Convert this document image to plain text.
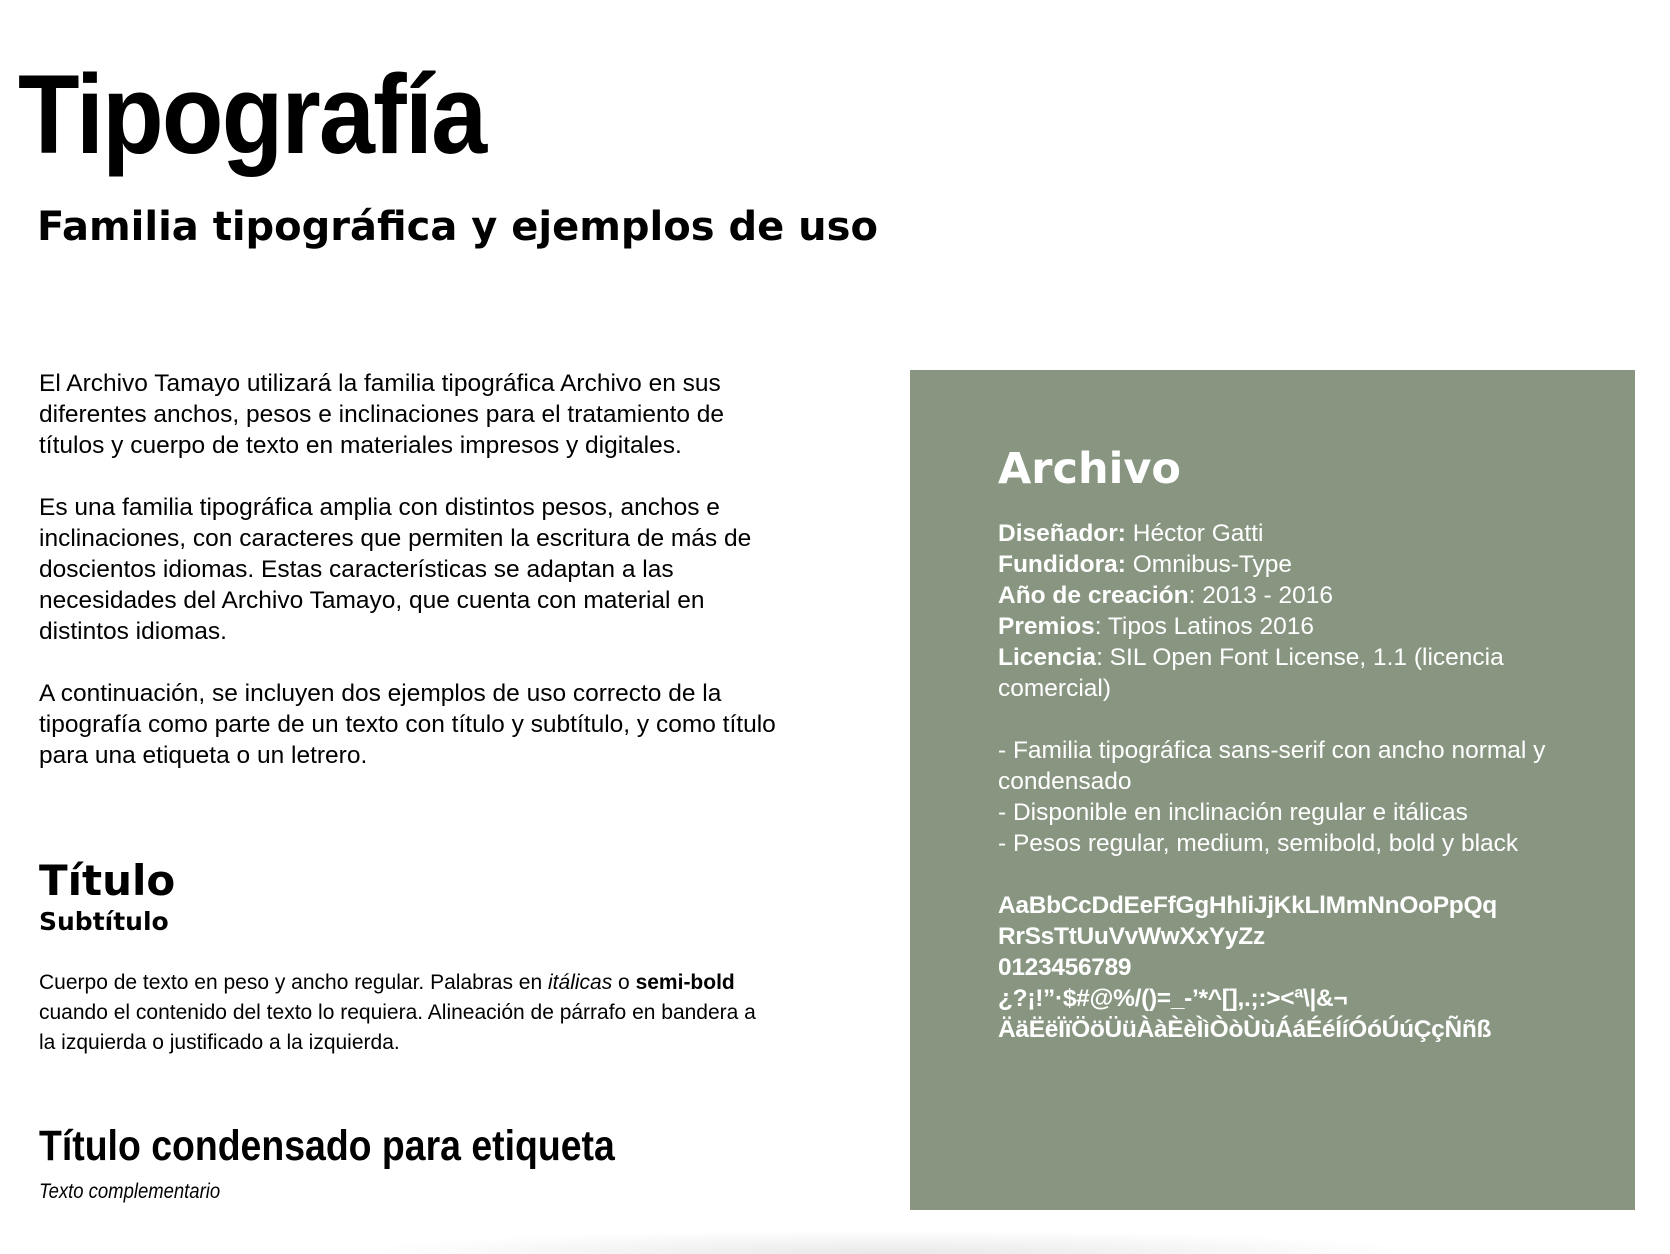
Tipografía
Familia tipográfica y ejemplos de uso

El Archivo Tamayo utilizará la familia tipográfica Archivo en sus diferentes anchos, pesos e inclinaciones para el tratamiento de títulos y cuerpo de texto en materiales impresos y digitales.

Es una familia tipográfica amplia con distintos pesos, anchos e inclinaciones, con caracteres que permiten la escritura de más de doscientos idiomas. Estas características se adaptan a las necesidades del Archivo Tamayo, que cuenta con material en distintos idiomas.

A continuación, se incluyen dos ejemplos de uso correcto de la tipografía como parte de un texto con título y subtítulo, y como título para una etiqueta o un letrero.

Título
Subtítulo

Cuerpo de texto en peso y ancho regular. Palabras en itálicas o semi-bold cuando el contenido del texto lo requiera. Alineación de párrafo en bandera a la izquierda o justificado a la izquierda.

Título condensado para etiqueta
Texto complementario
Archivo
Diseñador: Héctor Gatti
Fundidora: Omnibus-Type
Año de creación: 2013 - 2016
Premios: Tipos Latinos 2016
Licencia: SIL Open Font License, 1.1 (licencia comercial)
- Familia tipográfica sans-serif con ancho normal y condensado
- Disponible en inclinación regular e itálicas
- Pesos regular, medium, semibold, bold y black
AaBbCcDdEeFfGgHhIiJjKkLlMmNnOoPpQq
RrSsTtUuVvWwXxYyZz
0123456789
¿?¡!”·$#@%/()=_-’*^[],.;:><ª\|&¬
ÄäËëÏïÖöÜüÀàÈèÌìÒòÙùÁáÉéÍíÓóÚúÇçÑñß
